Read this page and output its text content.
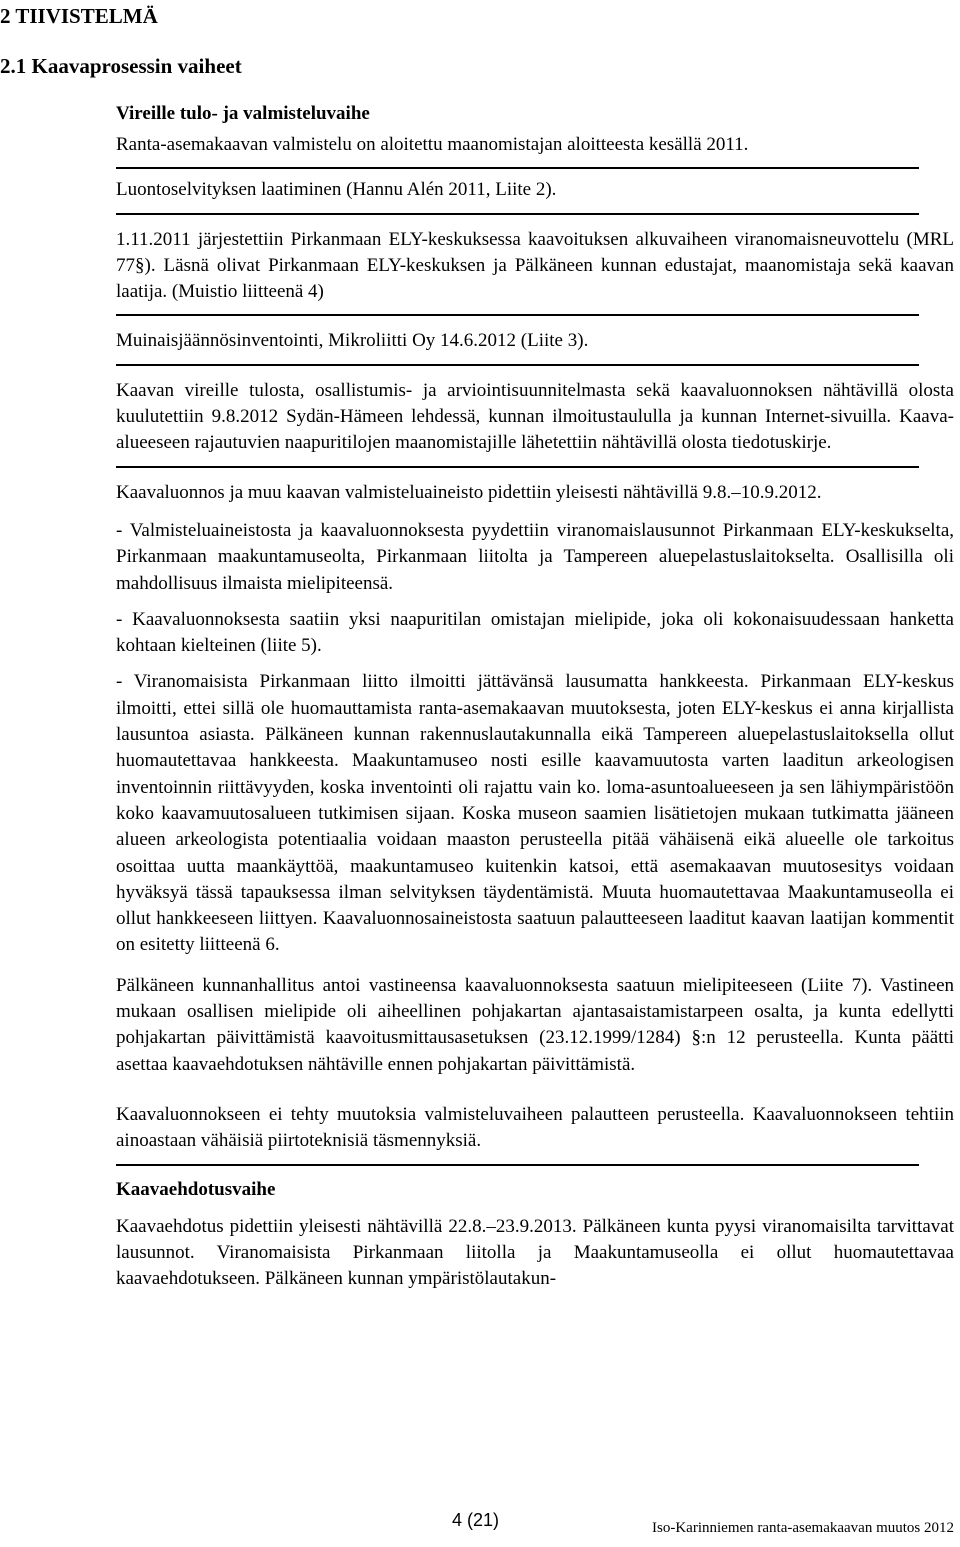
2 TIIVISTELMÄ
2.1 Kaavaprosessin vaiheet
Vireille tulo- ja valmisteluvaihe

Ranta-asemakaavan valmistelu on aloitettu maanomistajan aloitteesta kesällä 2011.

Luontoselvityksen laatiminen (Hannu Alén 2011, Liite 2).

1.11.2011 järjestettiin Pirkanmaan ELY-keskuksessa kaavoituksen alkuvaiheen viranomaisneuvottelu (MRL 77§). Läsnä olivat Pirkanmaan ELY-keskuksen ja Pälkäneen kunnan edustajat, maanomistaja sekä kaavan laatija. (Muistio liitteenä 4)

Muinaisjäännösinventointi, Mikroliitti Oy 14.6.2012 (Liite 3).

Kaavan vireille tulosta, osallistumis- ja arviointisuunnitelmasta sekä kaavaluonnoksen nähtävillä olosta kuulutettiin 9.8.2012 Sydän-Hämeen lehdessä, kunnan ilmoitustaululla ja kunnan Internet-sivuilla. Kaava-alueeseen rajautuvien naapuritilojen maanomistajille lähetettiin nähtävillä olosta tiedotuskirje.

Kaavaluonnos ja muu kaavan valmisteluaineisto pidettiin yleisesti nähtävillä 9.8.–10.9.2012.

- Valmisteluaineistosta ja kaavaluonnoksesta pyydettiin viranomaislausunnot Pirkanmaan ELY-keskukselta, Pirkanmaan maakuntamuseolta, Pirkanmaan liitolta ja Tampereen aluepelastuslaitokselta. Osallisilla oli mahdollisuus ilmaista mielipiteensä.

- Kaavaluonnoksesta saatiin yksi naapuritilan omistajan mielipide, joka oli kokonaisuudessaan hanketta kohtaan kielteinen (liite 5).

- Viranomaisista Pirkanmaan liitto ilmoitti jättävänsä lausumatta hankkeesta. Pirkanmaan ELY-keskus ilmoitti, ettei sillä ole huomauttamista ranta-asemakaavan muutoksesta, joten ELY-keskus ei anna kirjallista lausuntoa asiasta. Pälkäneen kunnan rakennuslautakunnalla eikä Tampereen aluepelastuslaitoksella ollut huomautettavaa hankkeesta. Maakuntamuseo nosti esille kaavamuutosta varten laaditun arkeologisen inventoinnin riittävyyden, koska inventointi oli rajattu vain ko. loma-asuntoalueeseen ja sen lähiympäristöön koko kaavamuutosalueen tutkimisen sijaan. Koska museon saamien lisätietojen mukaan tutkimatta jääneen alueen arkeologista potentiaalia voidaan maaston perusteella pitää vähäisenä eikä alueelle ole tarkoitus osoittaa uutta maankäyttöä, maakuntamuseo kuitenkin katsoi, että asemakaavan muutosesitys voidaan hyväksyä tässä tapauksessa ilman selvityksen täydentämistä. Muuta huomautettavaa Maakuntamuseolla ei ollut hankkeeseen liittyen. Kaavaluonnosaineistosta saatuun palautteeseen laaditut kaavan laatijan kommentit on esitetty liitteenä 6.

Pälkäneen kunnanhallitus antoi vastineensa kaavaluonnoksesta saatuun mielipiteeseen (Liite 7). Vastineen mukaan osallisen mielipide oli aiheellinen pohjakartan ajantasaistamistarpeen osalta, ja kunta edellytti pohjakartan päivittämistä kaavoitusmittausasetuksen (23.12.1999/1284) §:n 12 perusteella. Kunta päätti asettaa kaavaehdotuksen nähtäville ennen pohjakartan päivittämistä.

Kaavaluonnokseen ei tehty muutoksia valmisteluvaiheen palautteen perusteella. Kaavaluonnokseen tehtiin ainoastaan vähäisiä piirtoteknisiä täsmennyksiä.

Kaavaehdotusvaihe

Kaavaehdotus pidettiin yleisesti nähtävillä 22.8.–23.9.2013. Pälkäneen kunta pyysi viranomaisilta tarvittavat lausunnot. Viranomaisista Pirkanmaan liitolla ja Maakuntamuseolla ei ollut huomautettavaa kaavaehdotukseen. Pälkäneen kunnan ympäristölautakun-

4 (21)	Iso-Karinniemen ranta-asemakaavan muutos 2012
